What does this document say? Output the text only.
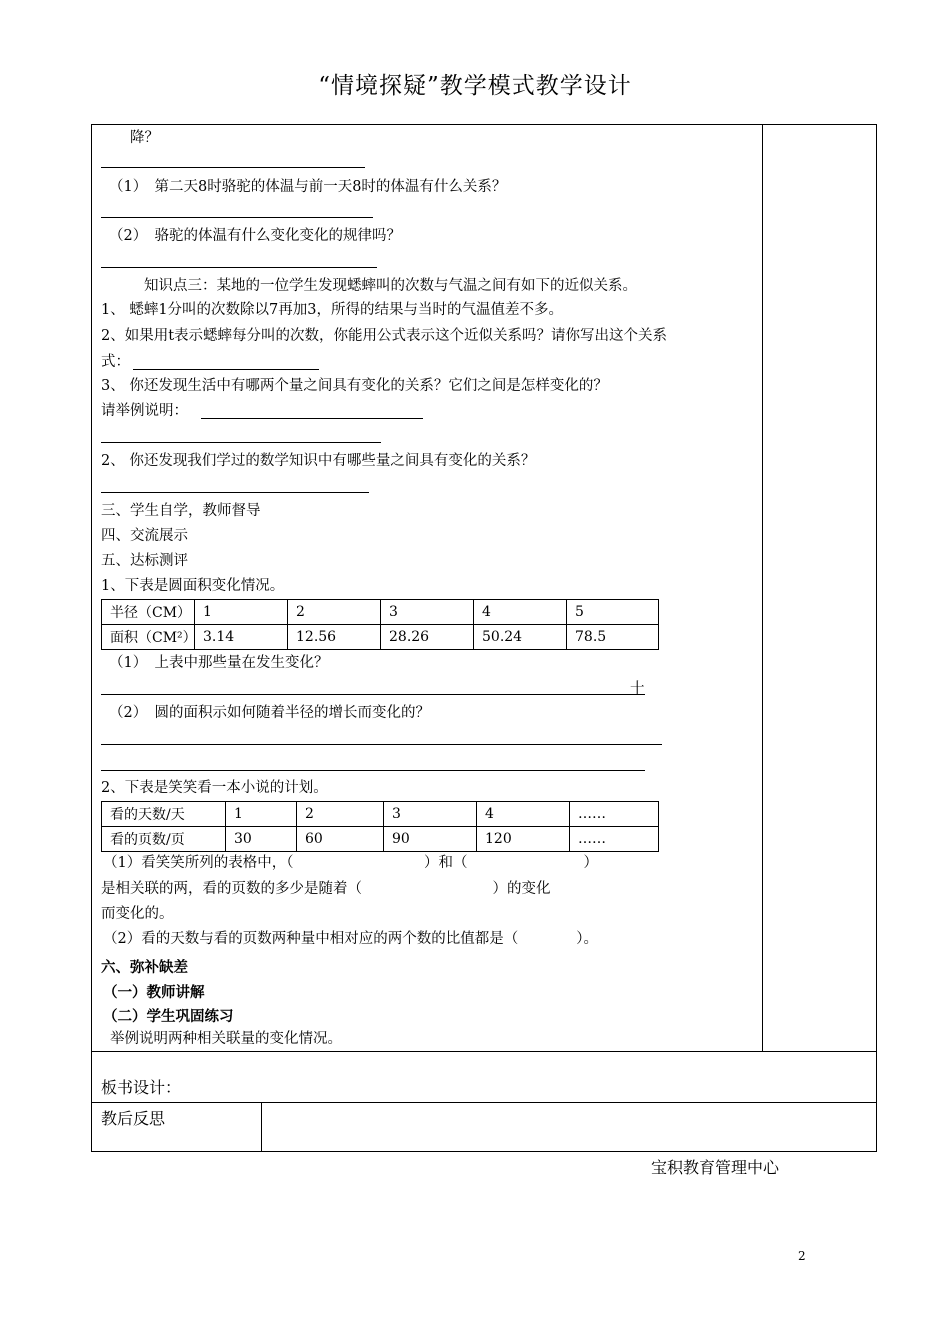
“情境探疑”教学模式教学设计
降？
（1）　第二天8时骆驼的体温与前一天8时的体温有什么关系？
（2）　骆驼的体温有什么变化变化的规律吗？
知识点三：某地的一位学生发现蟋蟀叫的次数与气温之间有如下的近似关系。
1、 蟋蟀1分叫的次数除以7再加3，所得的结果与当时的气温值差不多。
2、如果用t表示蟋蟀每分叫的次数，你能用公式表示这个近似关系吗？请你写出这个关系
式：
3、 你还发现生活中有哪两个量之间具有变化的关系？它们之间是怎样变化的？
请举例说明：
2、 你还发现我们学过的数学知识中有哪些量之间具有变化的关系？
三、学生自学，教师督导
四、交流展示
五、达标测评
1、下表是圆面积变化情况。
半径（CM）	1	2	3	4	5
面积（CM²）	3.14	12.56	28.26	50.24	78.5
（1）　上表中那些量在发生变化？
十
（2）　圆的面积示如何随着半径的增长而变化的？
2、下表是笑笑看一本小说的计划。
看的天数/天	1	2	3	4	……
看的页数/页	30	60	90	120	……
（1）看笑笑所列的表格中，（　　　　　　　　　）和（　　　　　　　　）
是相关联的两，看的页数的多少是随着（　　　　　　　　　）的变化
而变化的。
（2）看的天数与看的页数两种量中相对应的两个数的比值都是（　　　　）。
六、弥补缺差
（一）教师讲解
（二）学生巩固练习
举例说明两种相关联量的变化情况。
板书设计：
教后反思
宝积教育管理中心
2
